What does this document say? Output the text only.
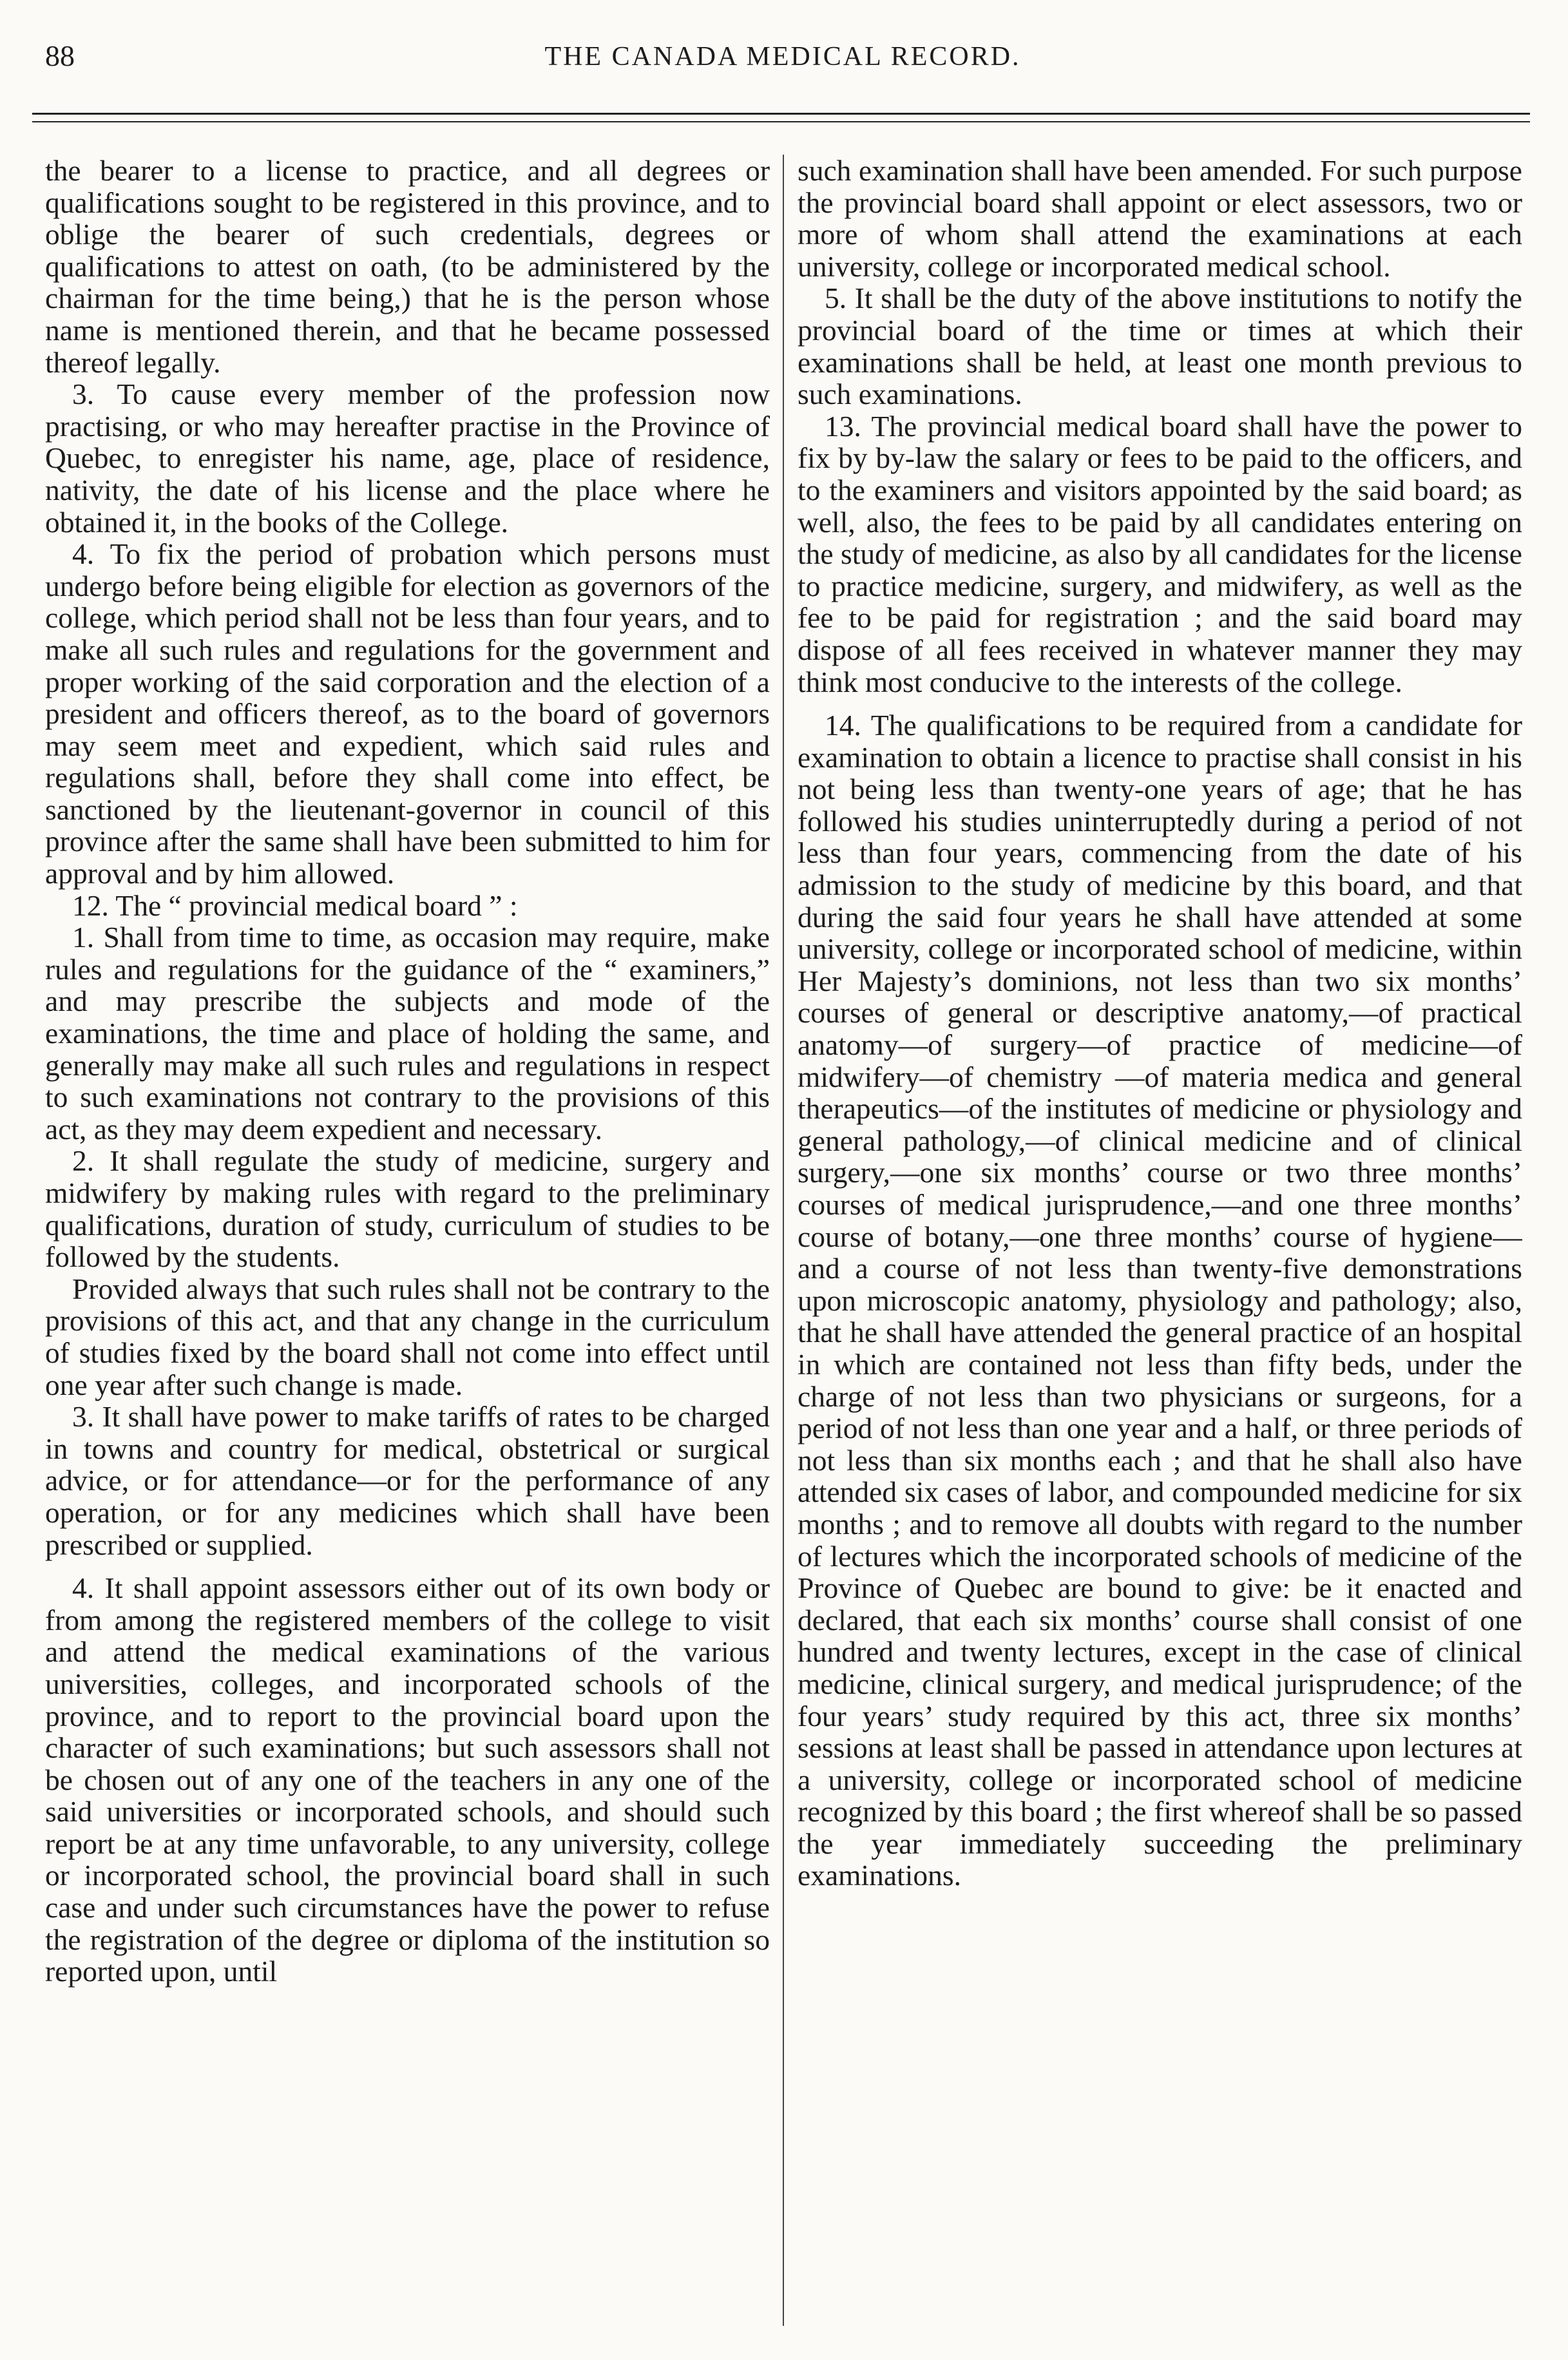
88	THE CANADA MEDICAL RECORD.

the bearer to a license to practice, and all degrees or qualifications sought to be registered in this province, and to oblige the bearer of such credentials, degrees or qualifications to attest on oath, (to be administered by the chairman for the time being,) that he is the person whose name is mentioned therein, and that he became possessed thereof legally.

3. To cause every member of the profession now practising, or who may hereafter practise in the Province of Quebec, to enregister his name, age, place of residence, nativity, the date of his license and the place where he obtained it, in the books of the College.

4. To fix the period of probation which persons must undergo before being eligible for election as governors of the college, which period shall not be less than four years, and to make all such rules and regulations for the government and proper working of the said corporation and the election of a president and officers thereof, as to the board of governors may seem meet and expedient, which said rules and regulations shall, before they shall come into effect, be sanctioned by the lieutenant-governor in council of this province after the same shall have been submitted to him for approval and by him allowed.

12. The “ provincial medical board ” :

1. Shall from time to time, as occasion may require, make rules and regulations for the guidance of the “ examiners,” and may prescribe the subjects and mode of the examinations, the time and place of holding the same, and generally may make all such rules and regulations in respect to such examinations not contrary to the provisions of this act, as they may deem expedient and necessary.

2. It shall regulate the study of medicine, surgery and midwifery by making rules with regard to the preliminary qualifications, duration of study, curriculum of studies to be followed by the students.

Provided always that such rules shall not be contrary to the provisions of this act, and that any change in the curriculum of studies fixed by the board shall not come into effect until one year after such change is made.

3. It shall have power to make tariffs of rates to be charged in towns and country for medical, obstetrical or surgical advice, or for attendance—or for the performance of any operation, or for any medicines which shall have been prescribed or supplied.

4. It shall appoint assessors either out of its own body or from among the registered members of the college to visit and attend the medical examinations of the various universities, colleges, and incorporated schools of the province, and to report to the provincial board upon the character of such examinations; but such assessors shall not be chosen out of any one of the teachers in any one of the said universities or incorporated schools, and should such report be at any time unfavorable, to any university, college or incorporated school, the provincial board shall in such case and under such circumstances have the power to refuse the registration of the degree or diploma of the institution so reported upon, until

such examination shall have been amended. For such purpose the provincial board shall appoint or elect assessors, two or more of whom shall attend the examinations at each university, college or incorporated medical school.

5. It shall be the duty of the above institutions to notify the provincial board of the time or times at which their examinations shall be held, at least one month previous to such examinations.

13. The provincial medical board shall have the power to fix by by-law the salary or fees to be paid to the officers, and to the examiners and visitors appointed by the said board; as well, also, the fees to be paid by all candidates entering on the study of medicine, as also by all candidates for the license to practice medicine, surgery, and midwifery, as well as the fee to be paid for registration ; and the said board may dispose of all fees received in whatever manner they may think most conducive to the interests of the college.

14. The qualifications to be required from a candidate for examination to obtain a licence to practise shall consist in his not being less than twenty-one years of age; that he has followed his studies uninterruptedly during a period of not less than four years, commencing from the date of his admission to the study of medicine by this board, and that during the said four years he shall have attended at some university, college or incorporated school of medicine, within Her Majesty’s dominions, not less than two six months’ courses of general or descriptive anatomy,—of practical anatomy—of surgery—of practice of medicine—of midwifery—of chemistry —of materia medica and general therapeutics—of the institutes of medicine or physiology and general pathology,—of clinical medicine and of clinical surgery,—one six months’ course or two three months’ courses of medical jurisprudence,—and one three months’ course of botany,—one three months’ course of hygiene—and a course of not less than twenty-five demonstrations upon microscopic anatomy, physiology and pathology; also, that he shall have attended the general practice of an hospital in which are contained not less than fifty beds, under the charge of not less than two physicians or surgeons, for a period of not less than one year and a half, or three periods of not less than six months each ; and that he shall also have attended six cases of labor, and compounded medicine for six months ; and to remove all doubts with regard to the number of lectures which the incorporated schools of medicine of the Province of Quebec are bound to give: be it enacted and declared, that each six months’ course shall consist of one hundred and twenty lectures, except in the case of clinical medicine, clinical surgery, and medical jurisprudence; of the four years’ study required by this act, three six months’ sessions at least shall be passed in attendance upon lectures at a university, college or incorporated school of medicine recognized by this board ; the first whereof shall be so passed the year immediately succeeding the preliminary examinations.
